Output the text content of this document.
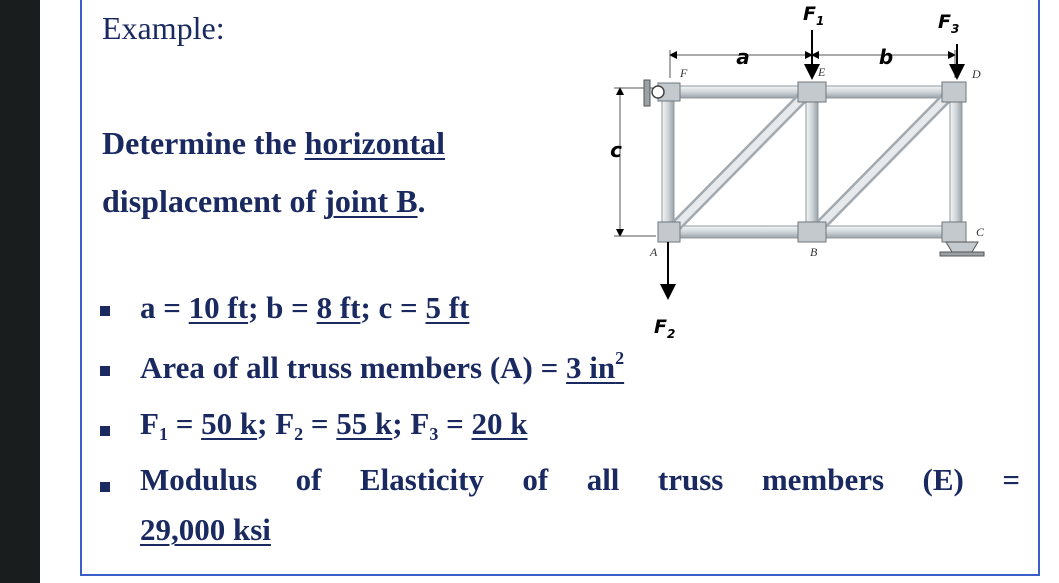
Example:
Determine the horizontal
displacement of joint B.
a = 10 ft; b = 8 ft; c = 5 ft
Area of all truss members (A) = 3 $in^2$
$F_1 = 50$ k; $F_2 = 55$ k; $F_3 = 20$ k
Modulus of Elasticity of all truss members (E) =
29,000 ksi
a	b
c
F	E	D
A	B
C
$F_1$	$F_3$
$F_2$
